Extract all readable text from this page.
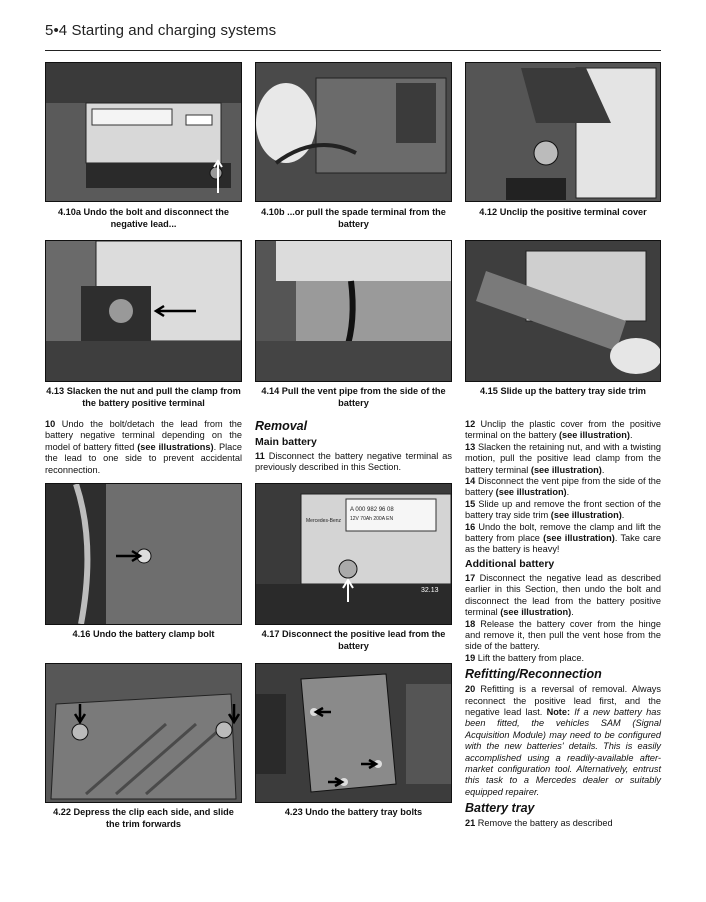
5•4 Starting and charging systems
4.10a Undo the bolt and disconnect the negative lead...
4.10b ...or pull the spade terminal from the battery
4.12 Unclip the positive terminal cover
4.13 Slacken the nut and pull the clamp from the battery positive terminal
4.14 Pull the vent pipe from the side of the battery
4.15 Slide up the battery tray side trim

10 Undo the bolt/detach the lead from the battery negative terminal depending on the model of battery fitted (see illustrations). Place the lead to one side to prevent accidental reconnection.

Removal
Main battery

11 Disconnect the battery negative terminal as previously described in this Section.

12 Unclip the plastic cover from the positive terminal on the battery (see illustration).

13 Slacken the retaining nut, and with a twisting motion, pull the positive lead clamp from the battery terminal (see illustration).

14 Disconnect the vent pipe from the side of the battery (see illustration).

15 Slide up and remove the front section of the battery tray side trim (see illustration).

16 Undo the bolt, remove the clamp and lift the battery from place (see illustration). Take care as the battery is heavy!

Additional battery

17 Disconnect the negative lead as described earlier in this Section, then undo the bolt and disconnect the lead from the battery positive terminal (see illustration).

18 Release the battery cover from the hinge and remove it, then pull the vent hose from the side of the battery.

19 Lift the battery from place.

Refitting/Reconnection

20 Refitting is a reversal of removal. Always reconnect the positive lead first, and the negative lead last. Note: If a new battery has been fitted, the vehicles SAM (Signal Acquisition Module) may need to be configured with the new batteries' details. This is easily accomplished using a readily-available after-market configuration tool. Alternatively, entrust this task to a Mercedes dealer or suitably equipped repairer.

Battery tray

21 Remove the battery as described

4.16 Undo the battery clamp bolt
A 000 982 96 08
12V 70Ah 200A EN
Mercedes-Benz
32.13
4.17 Disconnect the positive lead from the battery
4.22 Depress the clip each side, and slide the trim forwards
4.23 Undo the battery tray bolts
